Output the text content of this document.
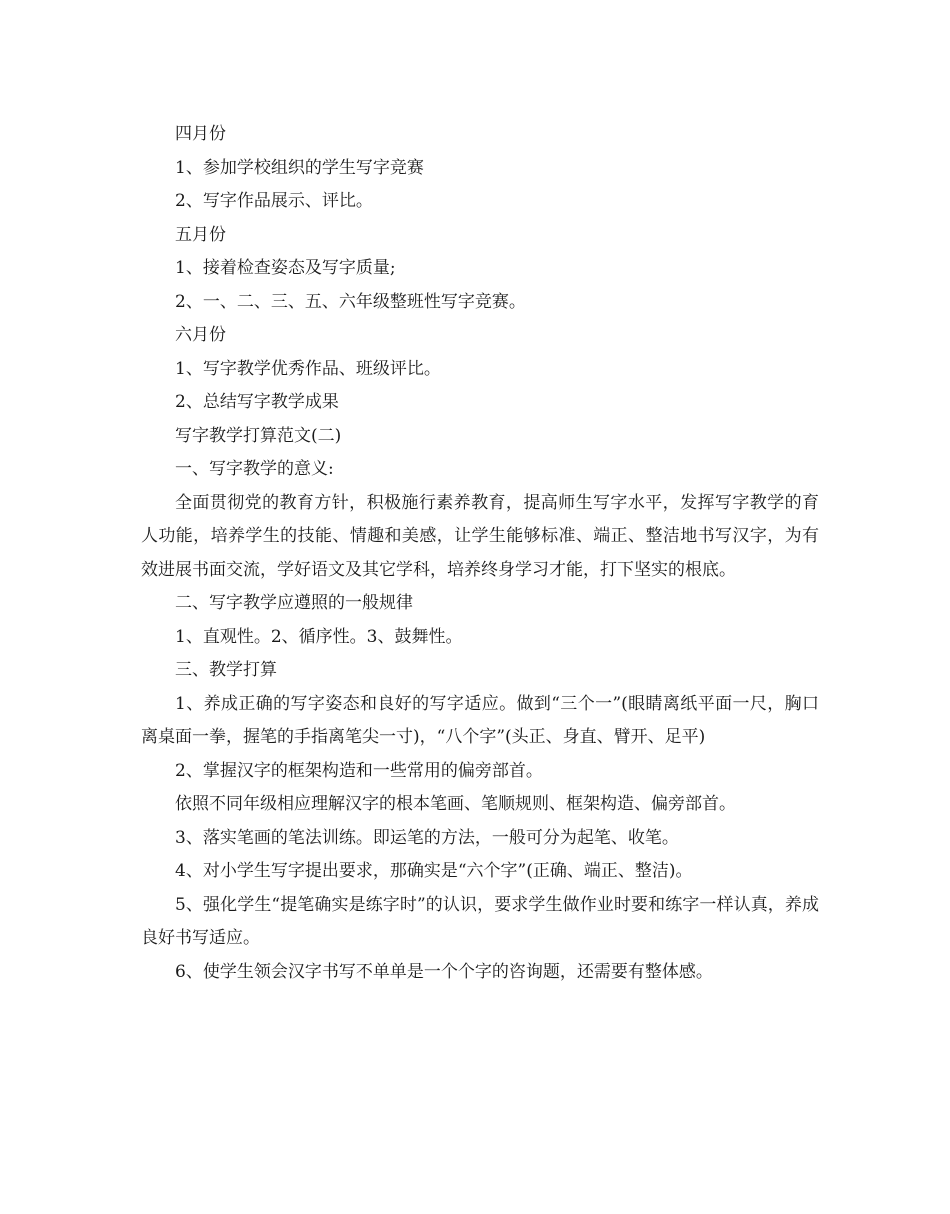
四月份

1、参加学校组织的学生写字竞赛

2、写字作品展示、评比。

五月份

1、接着检查姿态及写字质量;

2、一、二、三、五、六年级整班性写字竞赛。

六月份

1、写字教学优秀作品、班级评比。

2、总结写字教学成果

写字教学打算范文(二)

一、写字教学的意义:

全面贯彻党的教育方针，积极施行素养教育，提高师生写字水平，发挥写字教学的育人功能，培养学生的技能、情趣和美感，让学生能够标准、端正、整洁地书写汉字，为有效进展书面交流，学好语文及其它学科，培养终身学习才能，打下坚实的根底。

二、写字教学应遵照的一般规律

1、直观性。2、循序性。3、鼓舞性。

三、教学打算

1、养成正确的写字姿态和良好的写字适应。做到“三个一”(眼睛离纸平面一尺，胸口离桌面一拳，握笔的手指离笔尖一寸)，“八个字”(头正、身直、臂开、足平)

2、掌握汉字的框架构造和一些常用的偏旁部首。

依照不同年级相应理解汉字的根本笔画、笔顺规则、框架构造、偏旁部首。

3、落实笔画的笔法训练。即运笔的方法，一般可分为起笔、收笔。

4、对小学生写字提出要求，那确实是“六个字”(正确、端正、整洁)。

5、强化学生“提笔确实是练字时”的认识，要求学生做作业时要和练字一样认真，养成良好书写适应。

6、使学生领会汉字书写不单单是一个个字的咨询题，还需要有整体感。
